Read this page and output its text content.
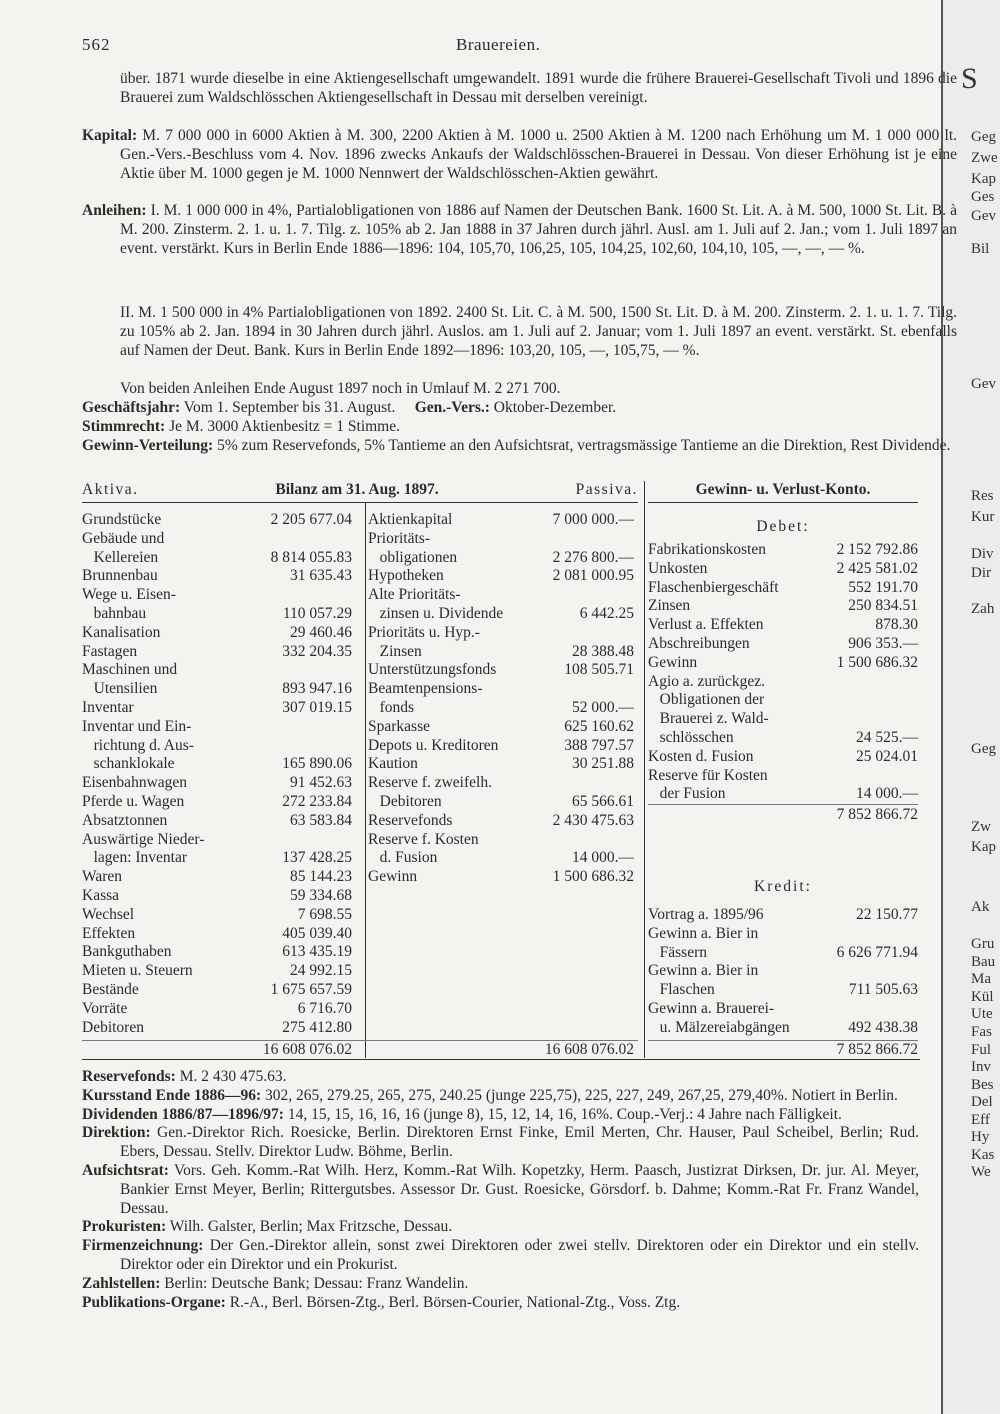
S
Geg
Zwe
Kap
Ges
Gev
Bil
Gev
Res
Kur
Div
Dir
Zah
Geg
Zw
Kap
Ak
Gru
Bau
Ma
Kül
Ute
Fas
Ful
Inv
Bes
Del
Eff
Hy
Kas
We
562	Brauereien.
über. 1871 wurde dieselbe in eine Aktiengesellschaft umgewandelt. 1891 wurde die frühere Brauerei-Gesellschaft Tivoli und 1896 die Brauerei zum Waldschlösschen Aktiengesellschaft in Dessau mit derselben vereinigt.
Kapital: M. 7 000 000 in 6000 Aktien à M. 300, 2200 Aktien à M. 1000 u. 2500 Aktien à M. 1200 nach Erhöhung um M. 1 000 000 lt. Gen.-Vers.-Beschluss vom 4. Nov. 1896 zwecks Ankaufs der Waldschlösschen-Brauerei in Dessau. Von dieser Erhöhung ist je eine Aktie über M. 1000 gegen je M. 1000 Nennwert der Waldschlösschen-Aktien gewährt.
Anleihen: I. M. 1 000 000 in 4%, Partialobligationen von 1886 auf Namen der Deutschen Bank. 1600 St. Lit. A. à M. 500, 1000 St. Lit. B. à M. 200. Zinsterm. 2. 1. u. 1. 7. Tilg. z. 105% ab 2. Jan 1888 in 37 Jahren durch jährl. Ausl. am 1. Juli auf 2. Jan.; vom 1. Juli 1897 an event. verstärkt. Kurs in Berlin Ende 1886—1896: 104, 105,70, 106,25, 105, 104,25, 102,60, 104,10, 105, —, —, — %.
II. M. 1 500 000 in 4% Partialobligationen von 1892. 2400 St. Lit. C. à M. 500, 1500 St. Lit. D. à M. 200. Zinsterm. 2. 1. u. 1. 7. Tilg. zu 105% ab 2. Jan. 1894 in 30 Jahren durch jährl. Auslos. am 1. Juli auf 2. Januar; vom 1. Juli 1897 an event. verstärkt. St. ebenfalls auf Namen der Deut. Bank. Kurs in Berlin Ende 1892—1896: 103,20, 105, —, 105,75, — %.
Von beiden Anleihen Ende August 1897 noch in Umlauf M. 2 271 700.
Geschäftsjahr: Vom 1. September bis 31. August. Gen.-Vers.: Oktober-Dezember.
Stimmrecht: Je M. 3000 Aktienbesitz = 1 Stimme.
Gewinn-Verteilung: 5% zum Reservefonds, 5% Tantieme an den Aufsichtsrat, vertragsmässige Tantieme an die Direktion, Rest Dividende.
Aktiva.	Bilanz am 31. Aug. 1897.	Passiva.	Gewinn- u. Verlust-Konto.
Grundstücke	2 205 677.04
Gebäude und
Kellereien	8 814 055.83
Brunnenbau	31 635.43
Wege u. Eisen-
bahnbau	110 057.29
Kanalisation	29 460.46
Fastagen	332 204.35
Maschinen und
Utensilien	893 947.16
Inventar	307 019.15
Inventar und Ein-
richtung d. Aus-
schanklokale	165 890.06
Eisenbahnwagen	91 452.63
Pferde u. Wagen	272 233.84
Absatztonnen	63 583.84
Auswärtige Nieder-
lagen: Inventar	137 428.25
Waren	85 144.23
Kassa	59 334.68
Wechsel	7 698.55
Effekten	405 039.40
Bankguthaben	613 435.19
Mieten u. Steuern	24 992.15
Bestände	1 675 657.59
Vorräte	6 716.70
Debitoren	275 412.80
16 608 076.02
Aktienkapital	7 000 000.—
Prioritäts-
obligationen	2 276 800.—
Hypotheken	2 081 000.95
Alte Prioritäts-
zinsen u. Dividende	6 442.25
Prioritäts u. Hyp.-
Zinsen	28 388.48
Unterstützungsfonds	108 505.71
Beamtenpensions-
fonds	52 000.—
Sparkasse	625 160.62
Depots u. Kreditoren	388 797.57
Kaution	30 251.88
Reserve f. zweifelh.
Debitoren	65 566.61
Reservefonds	2 430 475.63
Reserve f. Kosten
d. Fusion	14 000.—
Gewinn	1 500 686.32
16 608 076.02
Debet:
Fabrikationskosten	2 152 792.86
Unkosten	2 425 581.02
Flaschenbiergeschäft	552 191.70
Zinsen	250 834.51
Verlust a. Effekten	878.30
Abschreibungen	906 353.—
Gewinn	1 500 686.32
Agio a. zurückgez.
Obligationen der
Brauerei z. Wald-
schlösschen	24 525.—
Kosten d. Fusion	25 024.01
Reserve für Kosten
der Fusion	14 000.—
7 852 866.72
Kredit:
Vortrag a. 1895/96	22 150.77
Gewinn a. Bier in
Fässern	6 626 771.94
Gewinn a. Bier in
Flaschen	711 505.63
Gewinn a. Brauerei-
u. Mälzereiabgängen	492 438.38
7 852 866.72
Reservefonds: M. 2 430 475.63.
Kursstand Ende 1886—96: 302, 265, 279.25, 265, 275, 240.25 (junge 225,75), 225, 227, 249, 267,25, 279,40%. Notiert in Berlin.
Dividenden 1886/87—1896/97: 14, 15, 15, 16, 16, 16 (junge 8), 15, 12, 14, 16, 16%. Coup.-Verj.: 4 Jahre nach Fälligkeit.
Direktion: Gen.-Direktor Rich. Roesicke, Berlin. Direktoren Ernst Finke, Emil Merten, Chr. Hauser, Paul Scheibel, Berlin; Rud. Ebers, Dessau. Stellv. Direktor Ludw. Böhme, Berlin.
Aufsichtsrat: Vors. Geh. Komm.-Rat Wilh. Herz, Komm.-Rat Wilh. Kopetzky, Herm. Paasch, Justizrat Dirksen, Dr. jur. Al. Meyer, Bankier Ernst Meyer, Berlin; Rittergutsbes. Assessor Dr. Gust. Roesicke, Görsdorf. b. Dahme; Komm.-Rat Fr. Franz Wandel, Dessau.
Prokuristen: Wilh. Galster, Berlin; Max Fritzsche, Dessau.
Firmenzeichnung: Der Gen.-Direktor allein, sonst zwei Direktoren oder zwei stellv. Direktoren oder ein Direktor und ein stellv. Direktor oder ein Direktor und ein Prokurist.
Zahlstellen: Berlin: Deutsche Bank; Dessau: Franz Wandelin.
Publikations-Organe: R.-A., Berl. Börsen-Ztg., Berl. Börsen-Courier, National-Ztg., Voss. Ztg.
